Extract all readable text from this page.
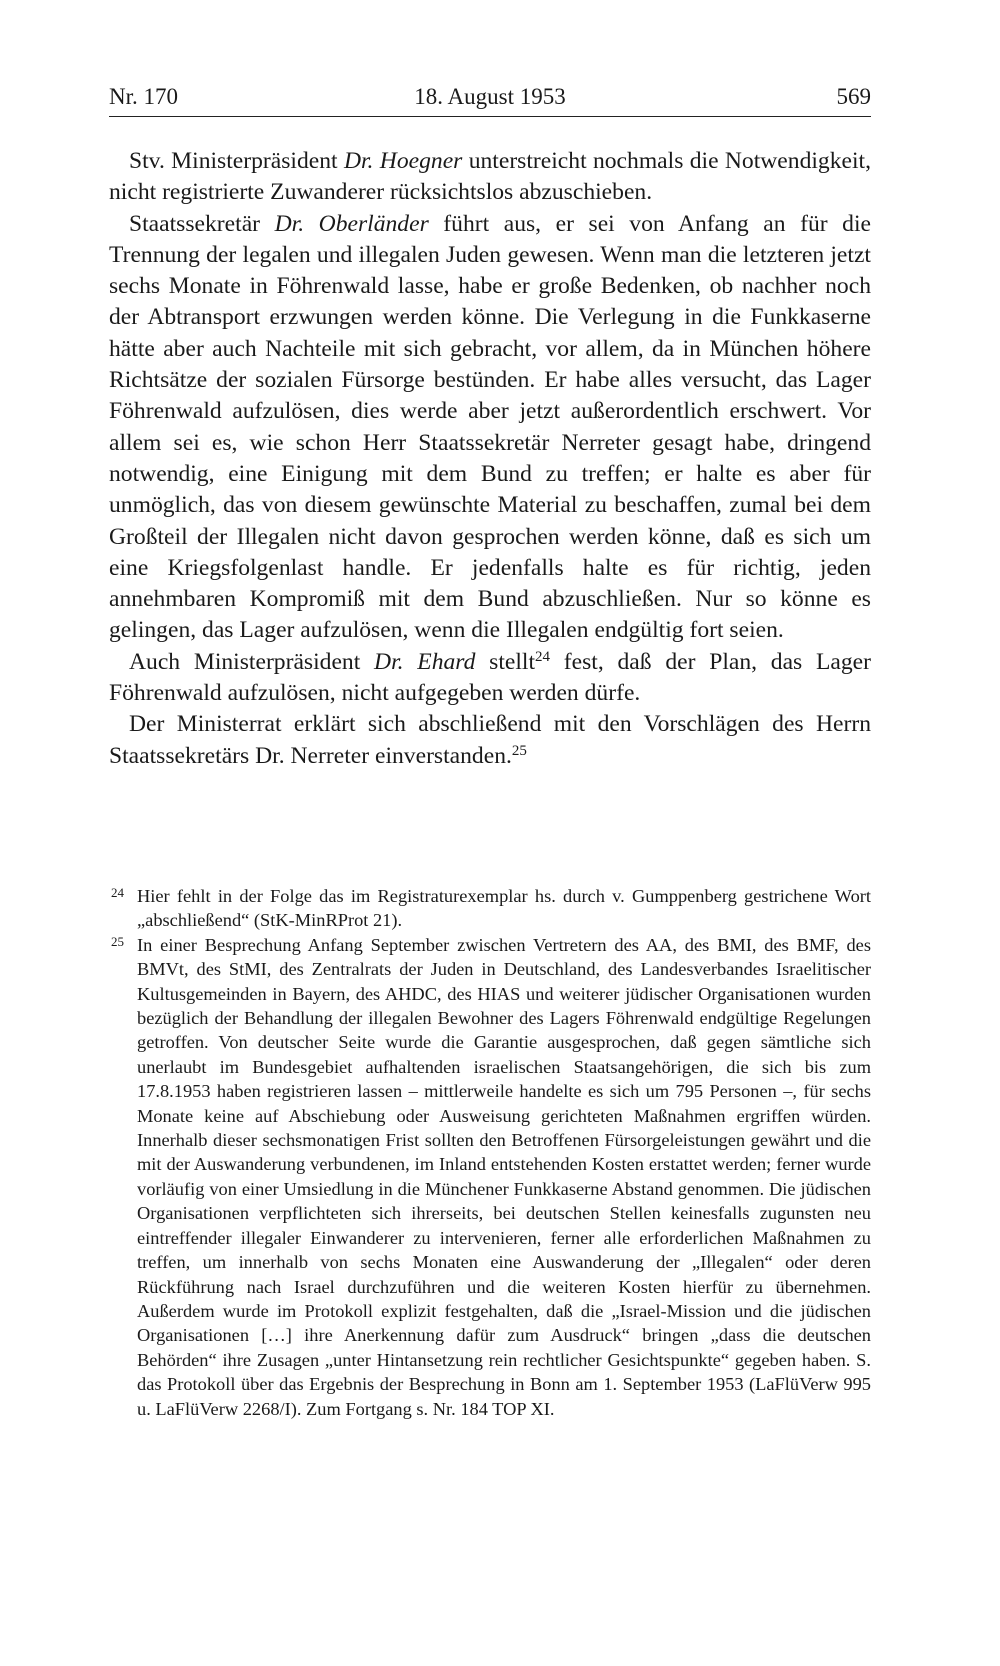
Nr. 170	18. August 1953	569

Stv. Ministerpräsident Dr. Hoegner unterstreicht nochmals die Notwendigkeit, nicht registrierte Zuwanderer rücksichtslos abzuschieben.

Staatssekretär Dr. Oberländer führt aus, er sei von Anfang an für die Trennung der legalen und illegalen Juden gewesen. Wenn man die letzteren jetzt sechs Monate in Föhrenwald lasse, habe er große Bedenken, ob nachher noch der Abtransport erzwungen werden könne. Die Verlegung in die Funkkaserne hätte aber auch Nachteile mit sich gebracht, vor allem, da in München höhere Richtsätze der sozialen Fürsorge bestünden. Er habe alles versucht, das Lager Föhrenwald aufzulösen, dies werde aber jetzt außerordentlich erschwert. Vor allem sei es, wie schon Herr Staatssekretär Nerreter gesagt habe, dringend notwendig, eine Einigung mit dem Bund zu treffen; er halte es aber für unmöglich, das von diesem gewünschte Material zu beschaffen, zumal bei dem Großteil der Illegalen nicht davon gesprochen werden könne, daß es sich um eine Kriegsfolgenlast handle. Er jedenfalls halte es für richtig, jeden annehmbaren Kompromiß mit dem Bund abzuschließen. Nur so könne es gelingen, das Lager aufzulösen, wenn die Illegalen endgültig fort seien.

Auch Ministerpräsident Dr. Ehard stellt$^{24}$ fest, daß der Plan, das Lager Föhrenwald aufzulösen, nicht aufgegeben werden dürfe.

Der Ministerrat erklärt sich abschließend mit den Vorschlägen des Herrn Staatssekretärs Dr. Nerreter einverstanden.$^{25}$

24 Hier fehlt in der Folge das im Registraturexemplar hs. durch v. Gumppenberg gestrichene Wort „abschließend“ (StK-MinRProt 21).

25 In einer Besprechung Anfang September zwischen Vertretern des AA, des BMI, des BMF, des BMVt, des StMI, des Zentralrats der Juden in Deutschland, des Landesverbandes Israelitischer Kultusgemeinden in Bayern, des AHDC, des HIAS und weiterer jüdischer Organisationen wurden bezüglich der Behandlung der illegalen Bewohner des Lagers Föhrenwald endgültige Regelungen getroffen. Von deutscher Seite wurde die Garantie ausgesprochen, daß gegen sämtliche sich unerlaubt im Bundesgebiet aufhaltenden israelischen Staatsangehörigen, die sich bis zum 17.8.1953 haben registrieren lassen – mittlerweile handelte es sich um 795 Personen –, für sechs Monate keine auf Abschiebung oder Ausweisung gerichteten Maßnahmen ergriffen würden. Innerhalb dieser sechsmonatigen Frist sollten den Betroffenen Fürsorgeleistungen gewährt und die mit der Auswanderung verbundenen, im Inland entstehenden Kosten erstattet werden; ferner wurde vorläufig von einer Umsiedlung in die Münchener Funkkaserne Abstand genommen. Die jüdischen Organisationen verpflichteten sich ihrerseits, bei deutschen Stellen keinesfalls zugunsten neu eintreffender illegaler Einwanderer zu intervenieren, ferner alle erforderlichen Maßnahmen zu treffen, um innerhalb von sechs Monaten eine Auswanderung der „Illegalen“ oder deren Rückführung nach Israel durchzuführen und die weiteren Kosten hierfür zu übernehmen. Außerdem wurde im Protokoll explizit festgehalten, daß die „Israel-Mission und die jüdischen Organisationen […] ihre Anerkennung dafür zum Ausdruck“ bringen „dass die deutschen Behörden“ ihre Zusagen „unter Hintansetzung rein rechtlicher Gesichtspunkte“ gegeben haben. S. das Protokoll über das Ergebnis der Besprechung in Bonn am 1. September 1953 (LaFlüVerw 995 u. LaFlüVerw 2268/I). Zum Fortgang s. Nr. 184 TOP XI.
